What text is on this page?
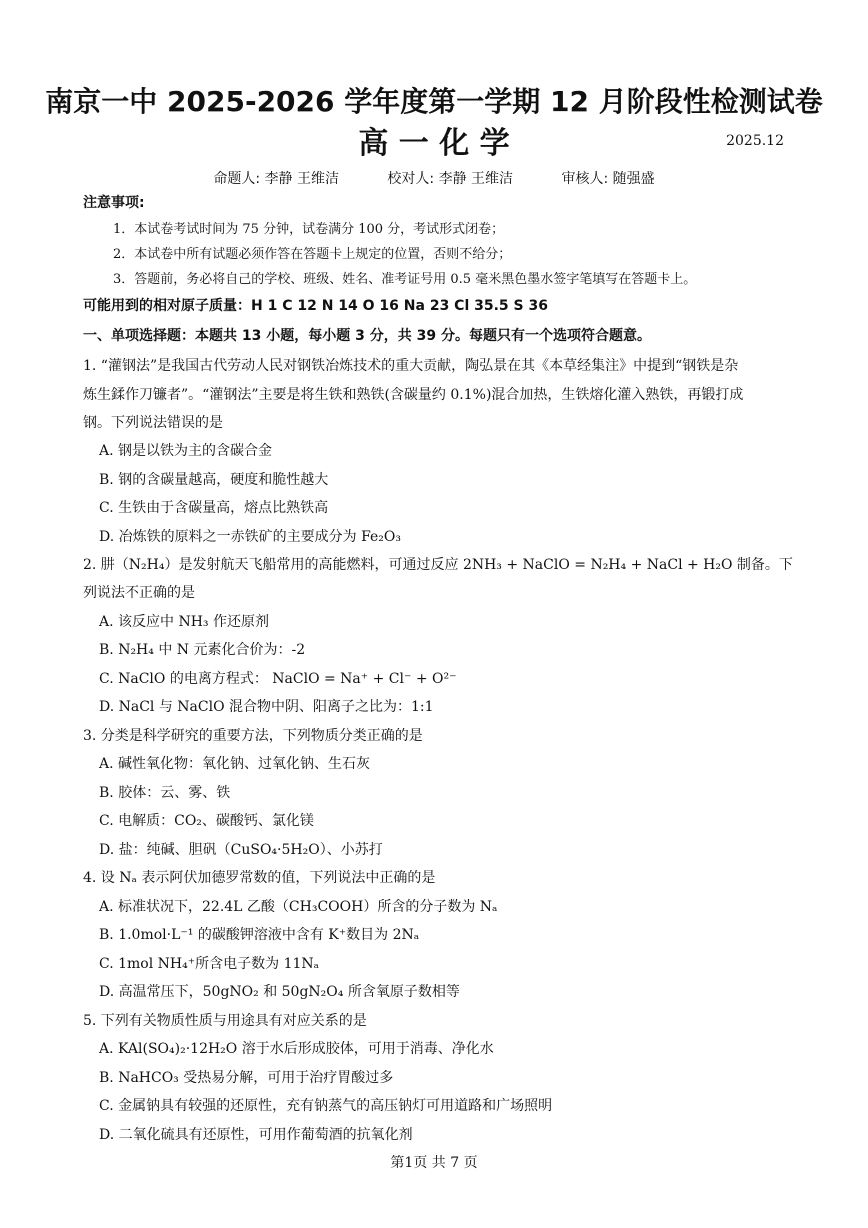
南京一中 2025-2026 学年度第一学期 12 月阶段性检测试卷
高 一 化 学	2025.12
命题人: 李静 王维洁	校对人: 李静 王维洁	审核人: 随强盛
注意事项:
1．本试卷考试时间为 75 分钟，试卷满分 100 分，考试形式闭卷；
2．本试卷中所有试题必须作答在答题卡上规定的位置，否则不给分；
3．答题前，务必将自己的学校、班级、姓名、准考证号用 0.5 毫米黑色墨水签字笔填写在答题卡上。
可能用到的相对原子质量：H 1 C 12 N 14 O 16 Na 23 Cl 35.5 S 36
一、单项选择题：本题共 13 小题，每小题 3 分，共 39 分。每题只有一个选项符合题意。
1. “灌钢法”是我国古代劳动人民对钢铁冶炼技术的重大贡献，陶弘景在其《本草经集注》中提到“钢铁是杂
炼生鍒作刀镰者”。“灌钢法”主要是将生铁和熟铁(含碳量约 0.1%)混合加热，生铁熔化灌入熟铁，再锻打成
钢。下列说法错误的是
A. 钢是以铁为主的含碳合金
B. 钢的含碳量越高，硬度和脆性越大
C. 生铁由于含碳量高，熔点比熟铁高
D. 冶炼铁的原料之一赤铁矿的主要成分为 Fe₂O₃
2. 肼（N₂H₄）是发射航天飞船常用的高能燃料，可通过反应 2NH₃ + NaClO = N₂H₄ + NaCl + H₂O 制备。下
列说法不正确的是
A. 该反应中 NH₃ 作还原剂
B. N₂H₄ 中 N 元素化合价为：-2
C. NaClO 的电离方程式： NaClO = Na⁺ + Cl⁻ + O²⁻
D. NaCl 与 NaClO 混合物中阴、阳离子之比为：1:1
3. 分类是科学研究的重要方法，下列物质分类正确的是
A. 碱性氧化物：氧化钠、过氧化钠、生石灰
B. 胶体：云、雾、铁
C. 电解质：CO₂、碳酸钙、氯化镁
D. 盐：纯碱、胆矾（CuSO₄·5H₂O）、小苏打
4. 设 Nₐ 表示阿伏加德罗常数的值，下列说法中正确的是
A. 标准状况下，22.4L 乙酸（CH₃COOH）所含的分子数为 Nₐ
B. 1.0mol·L⁻¹ 的碳酸钾溶液中含有 K⁺数目为 2Nₐ
C. 1mol NH₄⁺所含电子数为 11Nₐ
D. 高温常压下，50gNO₂ 和 50gN₂O₄ 所含氧原子数相等
5. 下列有关物质性质与用途具有对应关系的是
A. KAl(SO₄)₂·12H₂O 溶于水后形成胶体，可用于消毒、净化水
B. NaHCO₃ 受热易分解，可用于治疗胃酸过多
C. 金属钠具有较强的还原性，充有钠蒸气的高压钠灯可用道路和广场照明
D. 二氧化硫具有还原性，可用作葡萄酒的抗氧化剂
第1页 共 7 页
